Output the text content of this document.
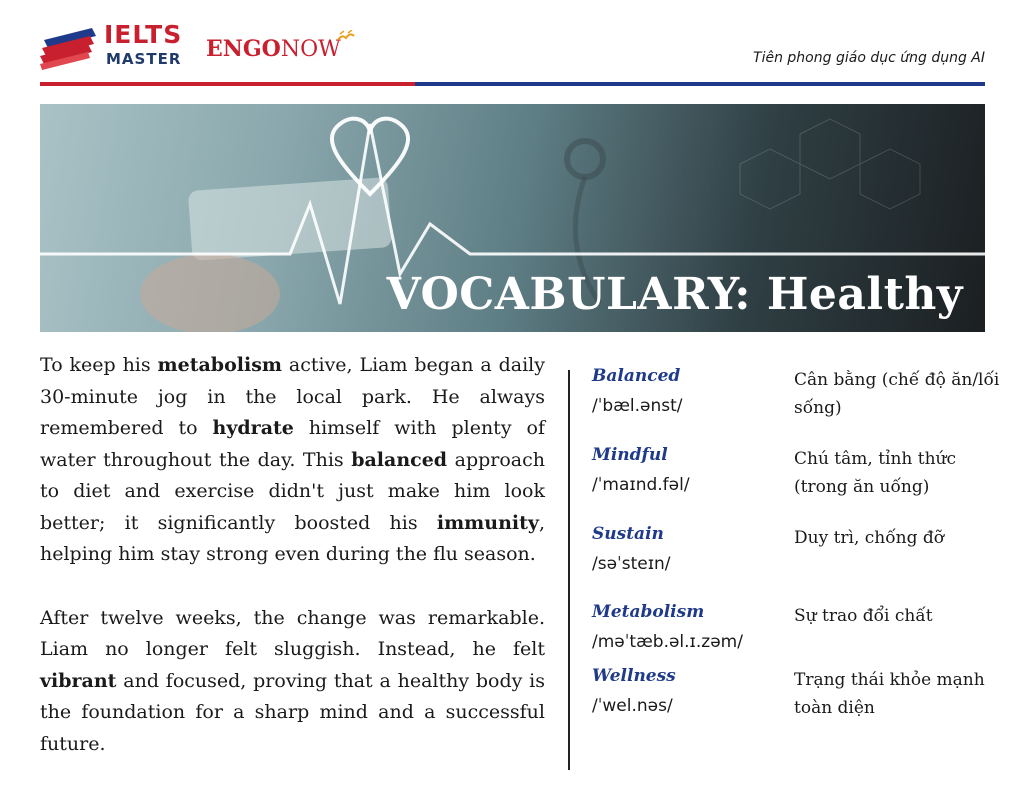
IELTS
MASTER ENGONOW	Tiên phong giáo dục ứng dụng AI
VOCABULARY: Healthy

To keep his metabolism active, Liam began a daily 30-minute jog in the local park. He always remembered to hydrate himself with plenty of water throughout the day. This balanced approach to diet and exercise didn't just make him look better; it significantly boosted his immunity, helping him stay strong even during the flu season.

After twelve weeks, the change was remarkable. Liam no longer felt sluggish. Instead, he felt vibrant and focused, proving that a healthy body is the foundation for a sharp mind and a successful future.

Balanced
/ˈbæl.ənst/
Cân bằng (chế độ ăn/lối sống)
Mindful
/ˈmaɪnd.fəl/
Chú tâm, tỉnh thức (trong ăn uống)
Sustain
/səˈsteɪn/
Duy trì, chống đỡ
Metabolism
/məˈtæb.əl.ɪ.zəm/
Sự trao đổi chất
Wellness
/ˈwel.nəs/
Trạng thái khỏe mạnh toàn diện
